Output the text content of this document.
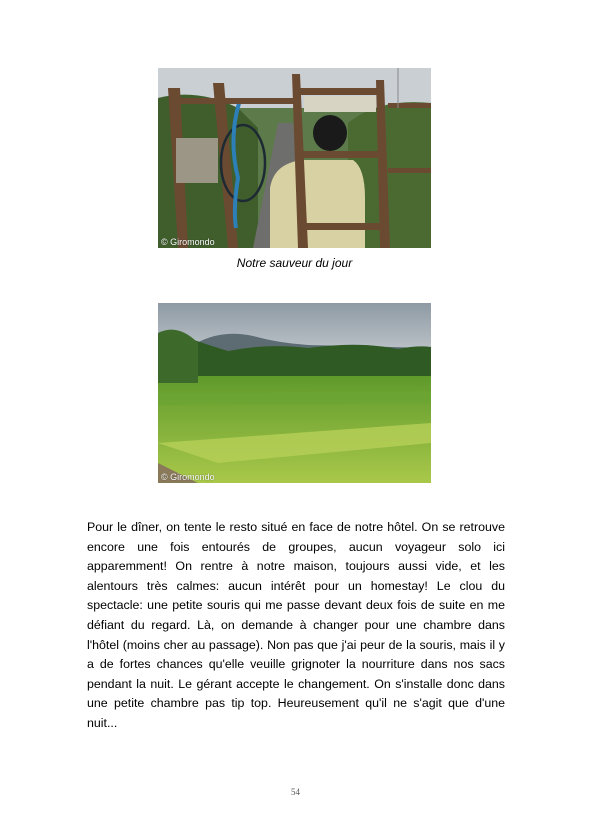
© Giromondo
Notre sauveur du jour
© Giromondo

Pour le dîner, on tente le resto situé en face de notre hôtel. On se retrouve encore une fois entourés de groupes, aucun voyageur solo ici apparemment! On rentre à notre maison, toujours aussi vide, et les alentours très calmes: aucun intérêt pour un homestay! Le clou du spectacle: une petite souris qui me passe devant deux fois de suite en me défiant du regard. Là, on demande à changer pour une chambre dans l'hôtel (moins cher au passage). Non pas que j'ai peur de la souris, mais il y a de fortes chances qu'elle veuille grignoter la nourriture dans nos sacs pendant la nuit. Le gérant accepte le changement. On s'installe donc dans une petite chambre pas tip top. Heureusement qu'il ne s'agit que d'une nuit...

54
